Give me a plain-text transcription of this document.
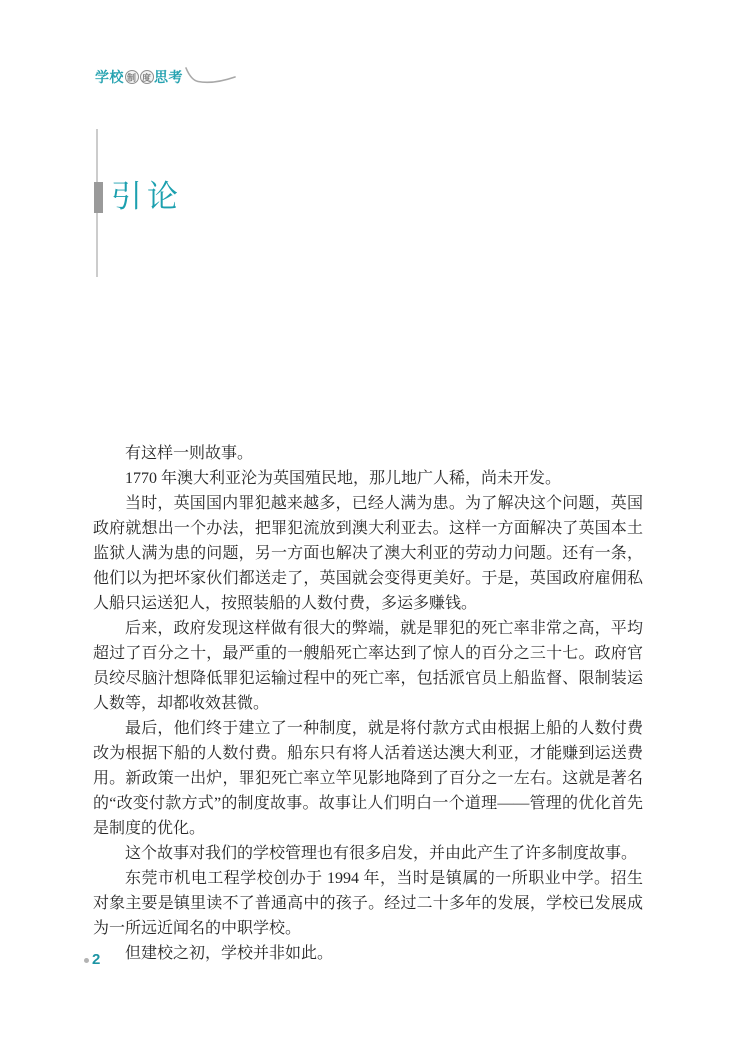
学校 制 度 思考
引论

有这样一则故事。

1770 年澳大利亚沦为英国殖民地，那儿地广人稀，尚未开发。

当时，英国国内罪犯越来越多，已经人满为患。为了解决这个问题，英国政府就想出一个办法，把罪犯流放到澳大利亚去。这样一方面解决了英国本土监狱人满为患的问题，另一方面也解决了澳大利亚的劳动力问题。还有一条，他们以为把坏家伙们都送走了，英国就会变得更美好。于是，英国政府雇佣私人船只运送犯人，按照装船的人数付费，多运多赚钱。

后来，政府发现这样做有很大的弊端，就是罪犯的死亡率非常之高，平均超过了百分之十，最严重的一艘船死亡率达到了惊人的百分之三十七。政府官员绞尽脑汁想降低罪犯运输过程中的死亡率，包括派官员上船监督、限制装运人数等，却都收效甚微。

最后，他们终于建立了一种制度，就是将付款方式由根据上船的人数付费改为根据下船的人数付费。船东只有将人活着送达澳大利亚，才能赚到运送费用。新政策一出炉，罪犯死亡率立竿见影地降到了百分之一左右。这就是著名的“改变付款方式”的制度故事。故事让人们明白一个道理——管理的优化首先是制度的优化。

这个故事对我们的学校管理也有很多启发，并由此产生了许多制度故事。

东莞市机电工程学校创办于 1994 年，当时是镇属的一所职业中学。招生对象主要是镇里读不了普通高中的孩子。经过二十多年的发展，学校已发展成为一所远近闻名的中职学校。

但建校之初，学校并非如此。

2
